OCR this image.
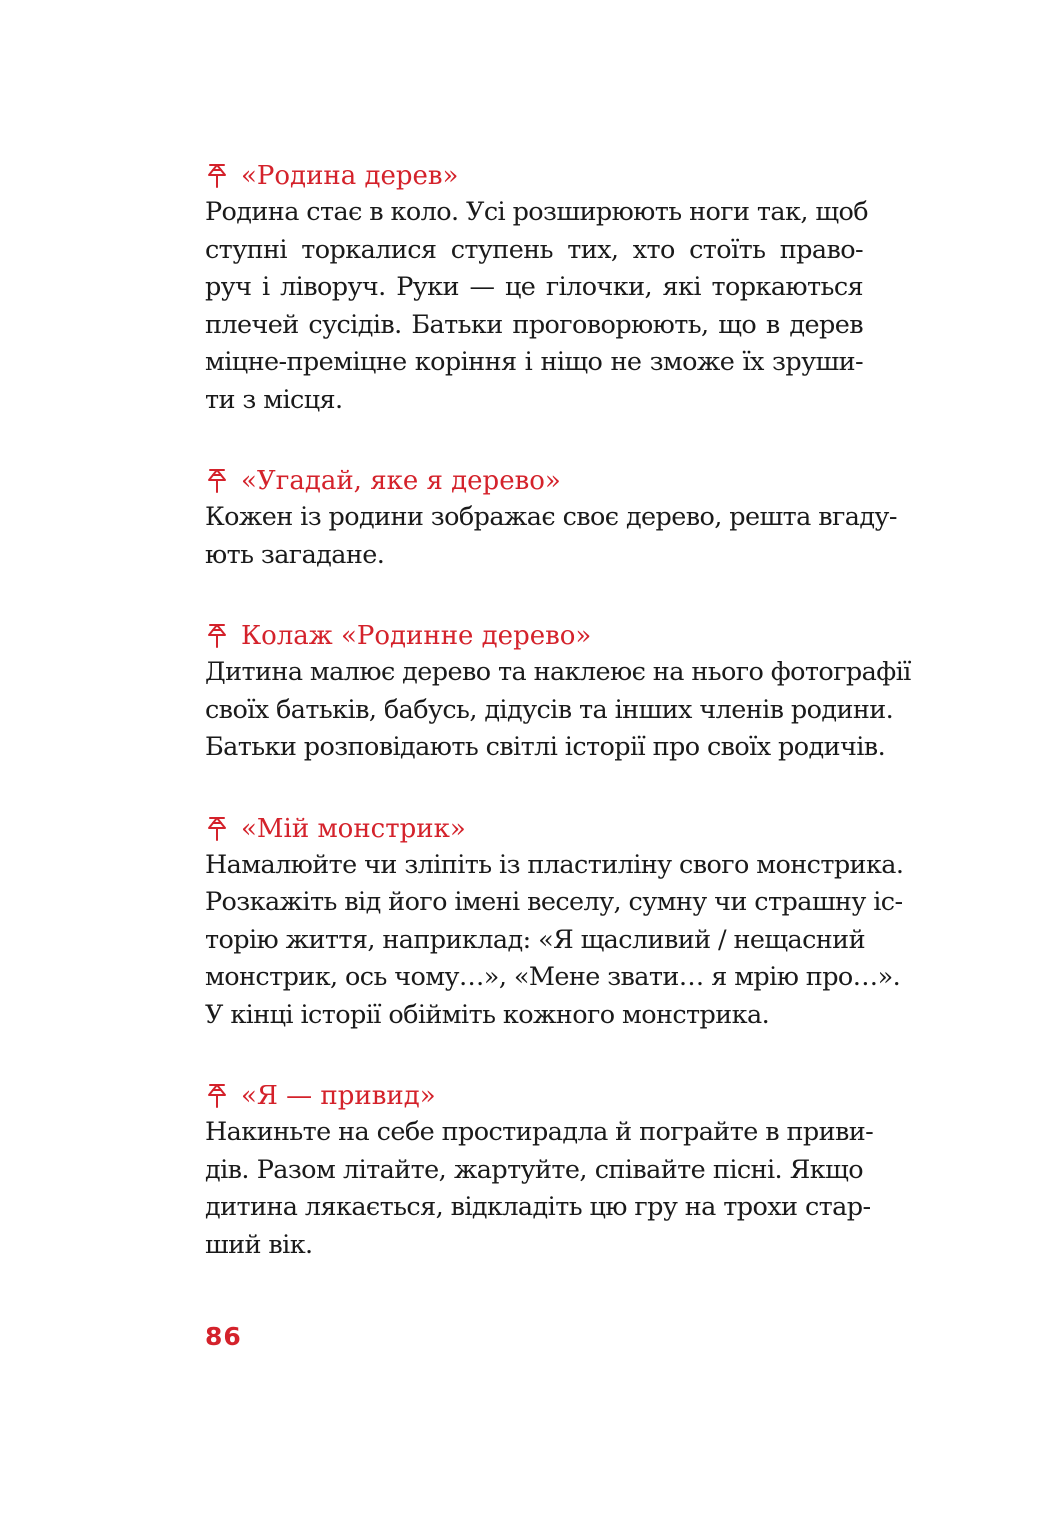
«Родина дерев»
Родина стає в коло. Усі розширюють ноги так, щоб
ступні торкалися ступень тих, хто стоїть право-
руч і ліворуч. Руки — це гілочки, які торкаються
плечей сусідів. Батьки проговорюють, що в дерев
міцне-преміцне коріння і ніщо не зможе їх зруши-
ти з місця.
«Угадай, яке я дерево»
Кожен із родини зображає своє дерево, решта вгаду-
ють загадане.
Колаж «Родинне дерево»
Дитина малює дерево та наклеює на нього фотографії
своїх батьків, бабусь, дідусів та інших членів родини.
Батьки розповідають світлі історії про своїх родичів.
«Мій монстрик»
Намалюйте чи зліпіть із пластиліну свого монстрика.
Розкажіть від його імені веселу, сумну чи страшну іс-
торію життя, наприклад: «Я щасливий / нещасний
монстрик, ось чому…», «Мене звати… я мрію про…».
У кінці історії обійміть кожного монстрика.
«Я — привид»
Накиньте на себе простирадла й пограйте в приви-
дів. Разом літайте, жартуйте, співайте пісні. Якщо
дитина лякається, відкладіть цю гру на трохи стар-
ший вік.
86
